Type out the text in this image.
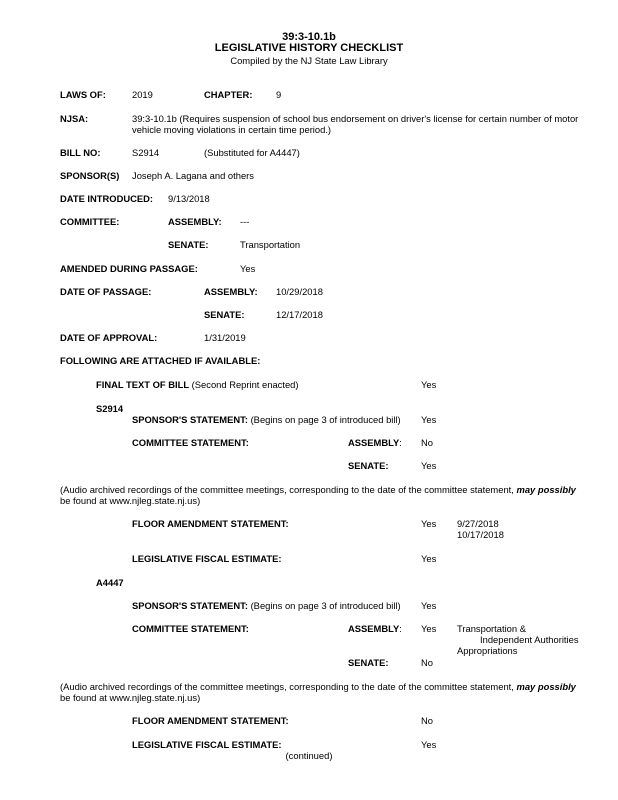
39:3-10.1b
LEGISLATIVE HISTORY CHECKLIST
Compiled by the NJ State Law Library
LAWS OF:	2019	CHAPTER:	9
NJSA:	39:3-10.1b (Requires suspension of school bus endorsement on driver's license for certain number of motor
vehicle moving violations in certain time period.)
BILL NO:	S2914	(Substituted for A4447)
SPONSOR(S) Joseph A. Lagana and others
DATE INTRODUCED: 9/13/2018
COMMITTEE:	ASSEMBLY: ---
SENATE:	Transportation
AMENDED DURING PASSAGE:	Yes
DATE OF PASSAGE:	ASSEMBLY: 10/29/2018
SENATE:	12/17/2018
DATE OF APPROVAL:	1/31/2019
FOLLOWING ARE ATTACHED IF AVAILABLE:
FINAL TEXT OF BILL (Second Reprint enacted)	Yes
S2914
SPONSOR'S STATEMENT: (Begins on page 3 of introduced bill) Yes
COMMITTEE STATEMENT:	ASSEMBLY: No
SENATE:	Yes
(Audio archived recordings of the committee meetings, corresponding to the date of the committee statement, may possibly
be found at www.njleg.state.nj.us)
FLOOR AMENDMENT STATEMENT:	Yes 9/27/2018
10/17/2018
LEGISLATIVE FISCAL ESTIMATE:	Yes
A4447
SPONSOR'S STATEMENT: (Begins on page 3 of introduced bill) Yes
COMMITTEE STATEMENT:	ASSEMBLY: Yes Transportation &
Independent Authorities
Appropriations
SENATE:	No
(Audio archived recordings of the committee meetings, corresponding to the date of the committee statement, may possibly
be found at www.njleg.state.nj.us)
FLOOR AMENDMENT STATEMENT:	No
LEGISLATIVE FISCAL ESTIMATE:	Yes
(continued)
